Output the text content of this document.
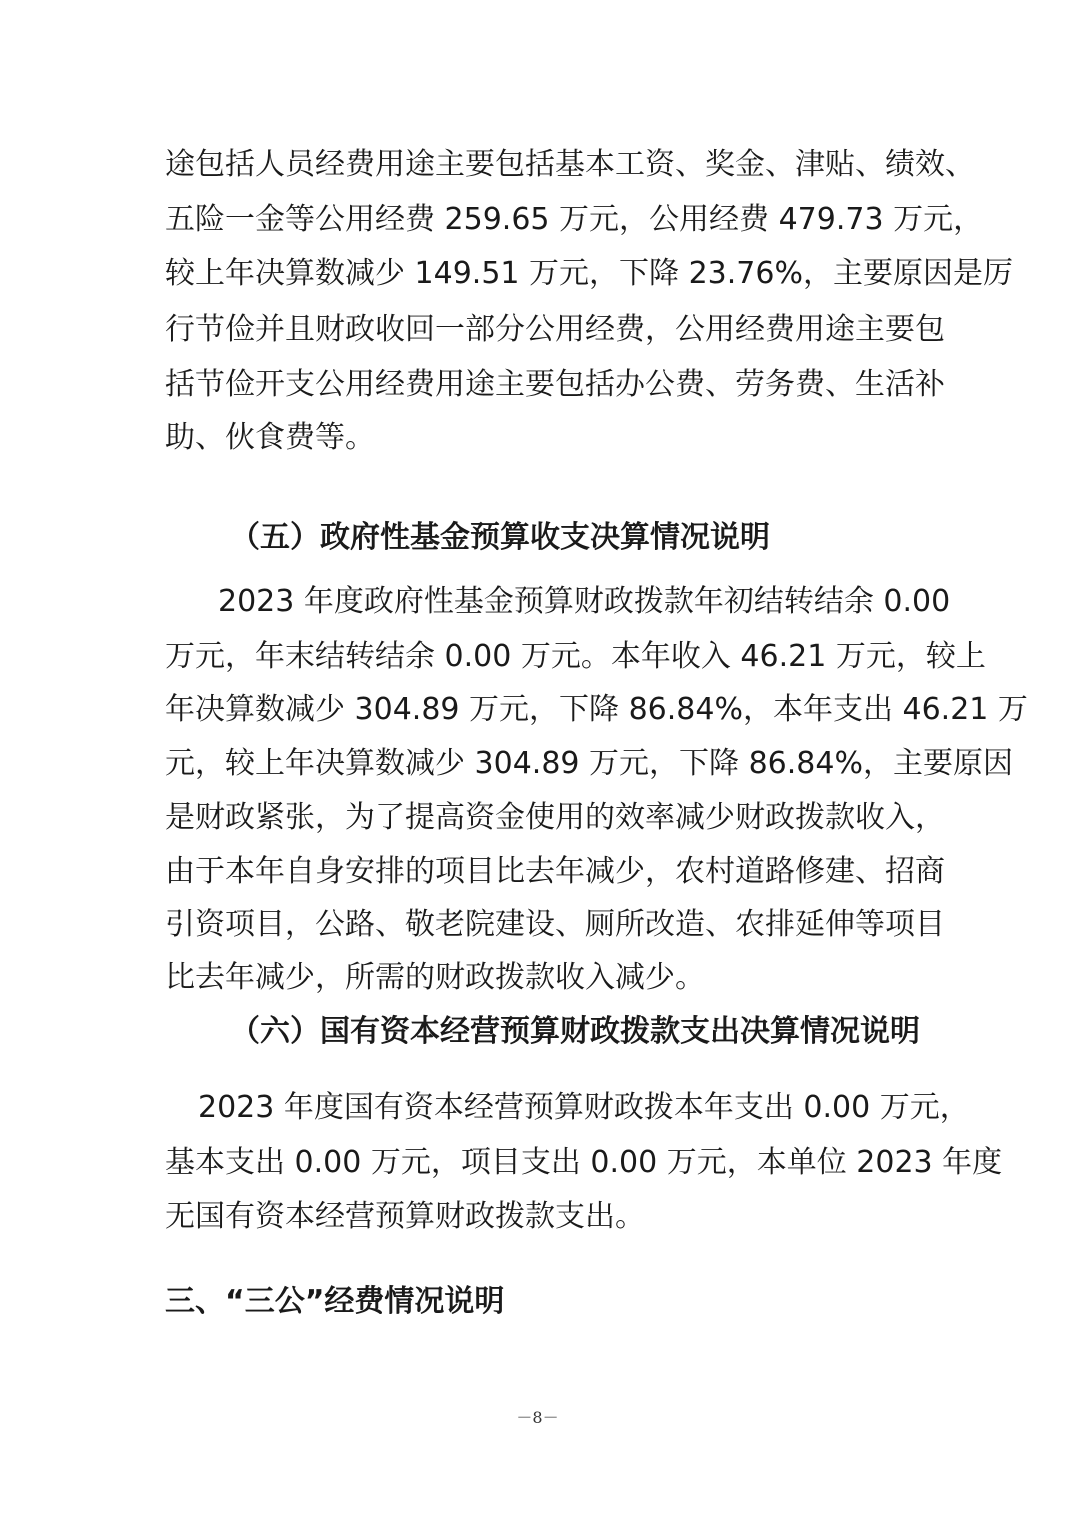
途包括人员经费用途主要包括基本工资、奖金、津贴、绩效、
五险一金等公用经费 259.65 万元，公用经费 479.73 万元，
较上年决算数减少 149.51 万元，下降 23.76%，主要原因是厉
行节俭并且财政收回一部分公用经费，公用经费用途主要包
括节俭开支公用经费用途主要包括办公费、劳务费、生活补
助、伙食费等。
（五）政府性基金预算收支决算情况说明
2023 年度政府性基金预算财政拨款年初结转结余 0.00
万元，年末结转结余 0.00 万元。本年收入 46.21 万元，较上
年决算数减少 304.89 万元，下降 86.84%，本年支出 46.21 万
元，较上年决算数减少 304.89 万元，下降 86.84%，主要原因
是财政紧张，为了提高资金使用的效率减少财政拨款收入，
由于本年自身安排的项目比去年减少，农村道路修建、招商
引资项目，公路、敬老院建设、厕所改造、农排延伸等项目
比去年减少，所需的财政拨款收入减少。
（六）国有资本经营预算财政拨款支出决算情况说明
2023 年度国有资本经营预算财政拨本年支出 0.00 万元，
基本支出 0.00 万元，项目支出 0.00 万元，本单位 2023 年度
无国有资本经营预算财政拨款支出。
三、“三公”经费情况说明
－8－
